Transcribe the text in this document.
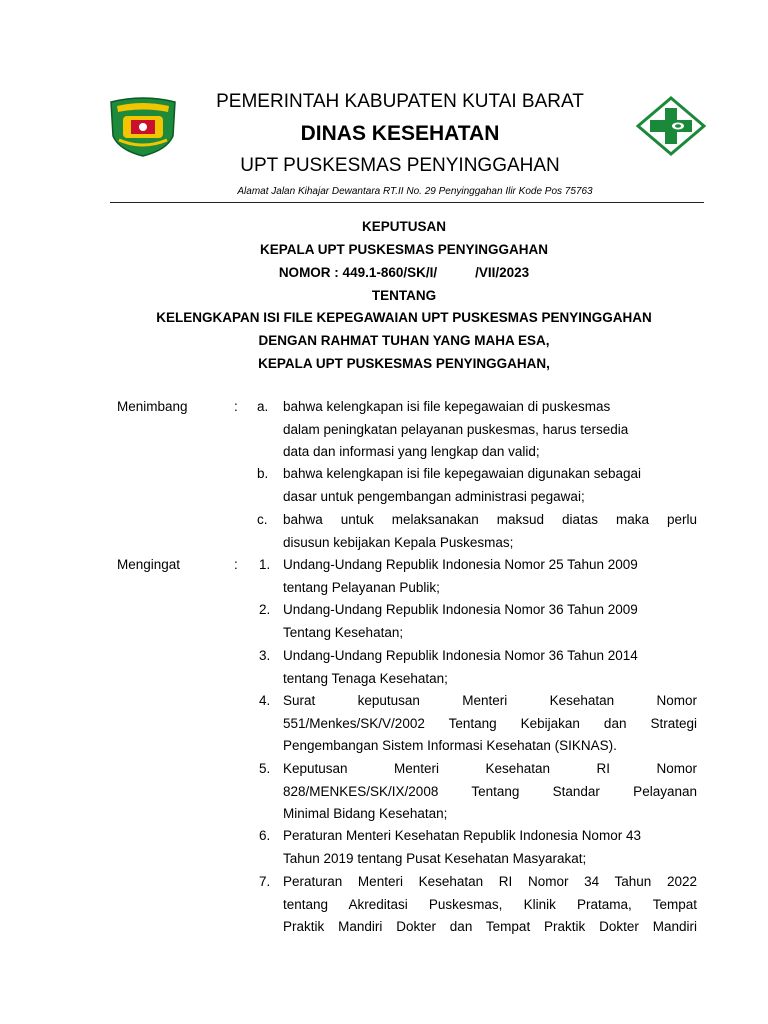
PEMERINTAH KABUPATEN KUTAI BARAT
DINAS KESEHATAN
UPT PUSKESMAS PENYINGGAHAN
Alamat Jalan Kihajar Dewantara RT.II No. 29 Penyinggahan Ilir Kode Pos 75763
KEPUTUSAN
KEPALA UPT PUSKESMAS PENYINGGAHAN
NOMOR : 449.1-860/SK/I/	/VII/2023
TENTANG
KELENGKAPAN ISI FILE KEPEGAWAIAN UPT PUSKESMAS PENYINGGAHAN
DENGAN RAHMAT TUHAN YANG MAHA ESA,
KEPALA UPT PUSKESMAS PENYINGGAHAN,
Menimbang	: a.	bahwa kelengkapan isi file kepegawaian di puskesmas
dalam peningkatan pelayanan puskesmas, harus tersedia
data dan informasi yang lengkap dan valid;
b.	bahwa kelengkapan isi file kepegawaian digunakan sebagai
dasar untuk pengembangan administrasi pegawai;
c.	bahwa untuk melaksanakan maksud diatas maka perlu
disusun kebijakan Kepala Puskesmas;
Mengingat	: 1. Undang-Undang Republik Indonesia Nomor 25 Tahun 2009
tentang Pelayanan Publik;
2. Undang-Undang Republik Indonesia Nomor 36 Tahun 2009
Tentang Kesehatan;
3. Undang-Undang Republik Indonesia Nomor 36 Tahun 2014
tentang Tenaga Kesehatan;
4. Surat keputusan Menteri Kesehatan Nomor
551/Menkes/SK/V/2002 Tentang Kebijakan dan Strategi
Pengembangan Sistem Informasi Kesehatan (SIKNAS).
5. Keputusan Menteri Kesehatan RI Nomor
828/MENKES/SK/IX/2008 Tentang Standar Pelayanan
Minimal Bidang Kesehatan;
6. Peraturan Menteri Kesehatan Republik Indonesia Nomor 43
Tahun 2019 tentang Pusat Kesehatan Masyarakat;
7. Peraturan Menteri Kesehatan RI Nomor 34 Tahun 2022
tentang Akreditasi Puskesmas, Klinik Pratama, Tempat
Praktik Mandiri Dokter dan Tempat Praktik Dokter Mandiri
